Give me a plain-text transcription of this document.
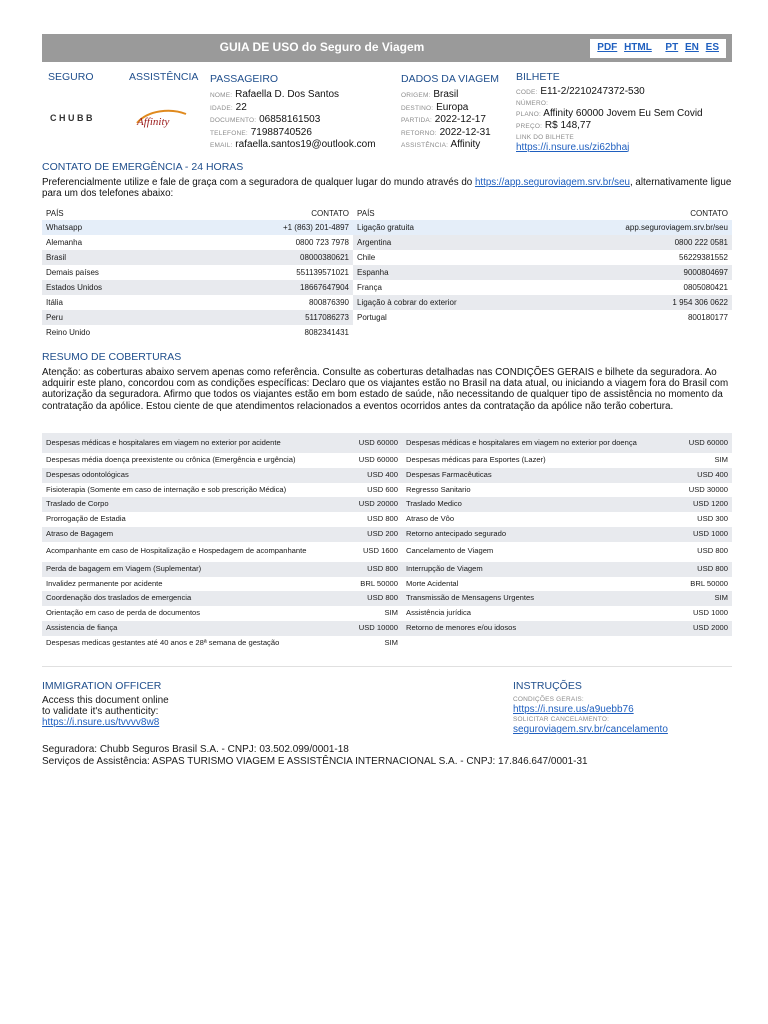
GUIA DE USO do Seguro de Viagem	PDF HTML PT EN ES
SEGURO
CHUBB
ASSISTÊNCIA
Affinity
PASSAGEIRO
NOME: Rafaella D. Dos Santos
IDADE: 22
DOCUMENTO: 06858161503
TELEFONE: 71988740526
EMAIL: rafaella.santos19@outlook.com
DADOS DA VIAGEM
ORIGEM: Brasil
DESTINO: Europa
PARTIDA: 2022-12-17
RETORNO: 2022-12-31
ASSISTÊNCIA: Affinity
BILHETE
CODE: E11-2/2210247372-530
NÚMERO:
PLANO: Affinity 60000 Jovem Eu Sem Covid
PREÇO: R$ 148,77
LINK DO BILHETE
https://i.nsure.us/zi62bhaj
CONTATO DE EMERGÊNCIA - 24 HORAS
Preferencialmente utilize e fale de graça com a seguradora de qualquer lugar do mundo através do https://app.seguroviagem.srv.br/seu, alternativamente ligue para um dos telefones abaixo:
PAÍS	CONTATO	PAÍS	CONTATO
Whatsapp	+1 (863) 201-4897	Ligação gratuita	app.seguroviagem.srv.br/seu
Alemanha	0800 723 7978	Argentina	0800 222 0581
Brasil	08000380621	Chile	56229381552
Demais países	551139571021	Espanha	9000804697
Estados Unidos	18667647904	França	0805080421
Itália	800876390	Ligação à cobrar do exterior	1 954 306 0622
Peru	5117086273	Portugal	800180177
Reino Unido	8082341431		
RESUMO DE COBERTURAS
Atenção: as coberturas abaixo servem apenas como referência. Consulte as coberturas detalhadas nas CONDIÇÕES GERAIS e bilhete da seguradora. Ao adquirir este plano, concordou com as condições específicas: Declaro que os viajantes estão no Brasil na data atual, ou iniciando a viagem fora do Brasil com autorização da seguradora. Afirmo que todos os viajantes estão em bom estado de saúde, não necessitando de qualquer tipo de assistência no momento da contratação da apólice. Estou ciente de que atendimentos relacionados a eventos ocorridos antes da contratação da apólice não terão cobertura.
Despesas médicas e hospitalares em viagem no exterior por acidente	USD 60000	Despesas médicas e hospitalares em viagem no exterior por doença	USD 60000
Despesas média doença preexistente ou crônica (Emergência e urgência)	USD 60000	Despesas médicas para Esportes (Lazer)	SIM
Despesas odontológicas	USD 400	Despesas Farmacêuticas	USD 400
Fisioterapia (Somente em caso de internação e sob prescrição Médica)	USD 600	Regresso Sanitario	USD 30000
Traslado de Corpo	USD 20000	Traslado Medico	USD 1200
Prorrogação de Estadia	USD 800	Atraso de Vôo	USD 300
Atraso de Bagagem	USD 200	Retorno antecipado segurado	USD 1000
Acompanhante em caso de Hospitalização e Hospedagem de acompanhante	USD 1600	Cancelamento de Viagem	USD 800
Perda de bagagem em Viagem (Suplementar)	USD 800	Interrupção de Viagem	USD 800
Invalidez permanente por acidente	BRL 50000	Morte Acidental	BRL 50000
Coordenação dos traslados de emergencia	USD 800	Transmissão de Mensagens Urgentes	SIM
Orientação em caso de perda de documentos	SIM	Assistência jurídica	USD 1000
Assistencia de fiança	USD 10000	Retorno de menores e/ou idosos	USD 2000
Despesas medicas gestantes até 40 anos e 28ª semana de gestação	SIM		
IMMIGRATION OFFICER
Access this document online
to validate it's authenticity:
https://i.nsure.us/tvvvv8w8
INSTRUÇÕES
CONDIÇÕES GERAIS:
https://i.nsure.us/a9uebb76
SOLICITAR CANCELAMENTO:
seguroviagem.srv.br/cancelamento
Seguradora: Chubb Seguros Brasil S.A. - CNPJ: 03.502.099/0001-18
Serviços de Assistência: ASPAS TURISMO VIAGEM E ASSISTÊNCIA INTERNACIONAL S.A. - CNPJ: 17.846.647/0001-31
